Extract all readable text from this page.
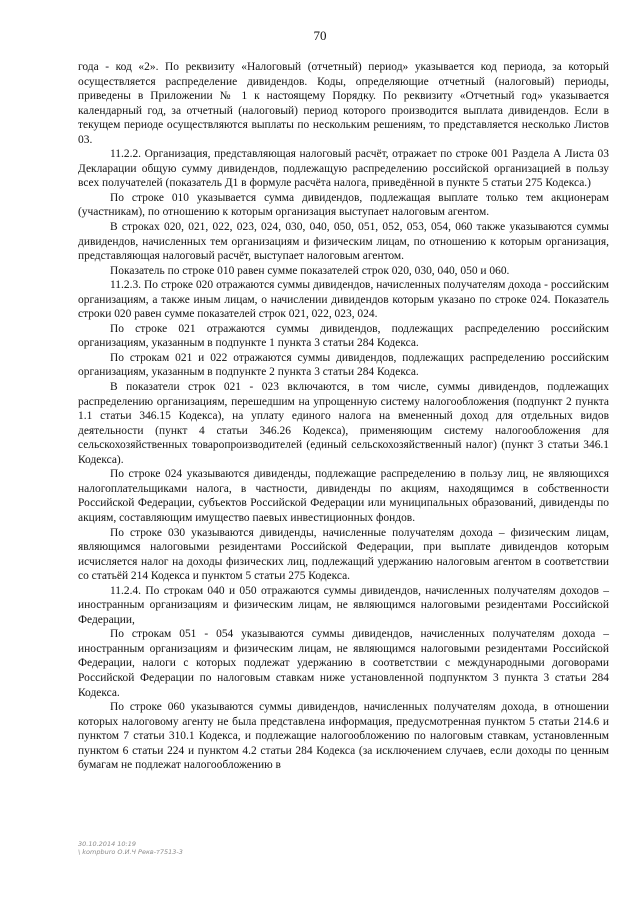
70

года - код «2». По реквизиту «Налоговый (отчетный) период» указывается код периода, за который осуществляется распределение дивидендов. Коды, определяющие отчетный (налоговый) периоды, приведены в Приложении № 1 к настоящему Порядку. По реквизиту «Отчетный год» указывается календарный год, за отчетный (налоговый) период которого производится выплата дивидендов. Если в текущем периоде осуществляются выплаты по нескольким решениям, то представляется несколько Листов 03.

11.2.2. Организация, представляющая налоговый расчёт, отражает по строке 001 Раздела А Листа 03 Декларации общую сумму дивидендов, подлежащую распределению российской организацией в пользу всех получателей (показатель Д1 в формуле расчёта налога, приведённой в пункте 5 статьи 275 Кодекса.)

По строке 010 указывается сумма дивидендов, подлежащая выплате только тем акционерам (участникам), по отношению к которым организация выступает налоговым агентом.

В строках 020, 021, 022, 023, 024, 030, 040, 050, 051, 052, 053, 054, 060 также указываются суммы дивидендов, начисленных тем организациям и физическим лицам, по отношению к которым организация, представляющая налоговый расчёт, выступает налоговым агентом.

Показатель по строке 010 равен сумме показателей строк 020, 030, 040, 050 и 060.

11.2.3. По строке 020 отражаются суммы дивидендов, начисленных получателям дохода - российским организациям, а также иным лицам, о начислении дивидендов которым указано по строке 024. Показатель строки 020 равен сумме показателей строк 021, 022, 023, 024.

По строке 021 отражаются суммы дивидендов, подлежащих распределению российским организациям, указанным в подпункте 1 пункта 3 статьи 284 Кодекса.

По строкам 021 и 022 отражаются суммы дивидендов, подлежащих распределению российским организациям, указанным в подпункте 2 пункта 3 статьи 284 Кодекса.

В показатели строк 021 - 023 включаются, в том числе, суммы дивидендов, подлежащих распределению организациям, перешедшим на упрощенную систему налогообложения (подпункт 2 пункта 1.1 статьи 346.15 Кодекса), на уплату единого налога на вмененный доход для отдельных видов деятельности (пункт 4 статьи 346.26 Кодекса), применяющим систему налогообложения для сельскохозяйственных товаропроизводителей (единый сельскохозяйственный налог) (пункт 3 статьи 346.1 Кодекса).

По строке 024 указываются дивиденды, подлежащие распределению в пользу лиц, не являющихся налогоплательщиками налога, в частности, дивиденды по акциям, находящимся в собственности Российской Федерации, субъектов Российской Федерации или муниципальных образований, дивиденды по акциям, составляющим имущество паевых инвестиционных фондов.

По строке 030 указываются дивиденды, начисленные получателям дохода – физическим лицам, являющимся налоговыми резидентами Российской Федерации, при выплате дивидендов которым исчисляется налог на доходы физических лиц, подлежащий удержанию налоговым агентом в соответствии со статьёй 214 Кодекса и пунктом 5 статьи 275 Кодекса.

11.2.4. По строкам 040 и 050 отражаются суммы дивидендов, начисленных получателям доходов – иностранным организациям и физическим лицам, не являющимся налоговыми резидентами Российской Федерации,

По строкам 051 - 054 указываются суммы дивидендов, начисленных получателям дохода – иностранным организациям и физическим лицам, не являющимся налоговыми резидентами Российской Федерации, налоги с которых подлежат удержанию в соответствии с международными договорами Российской Федерации по налоговым ставкам ниже установленной подпунктом 3 пункта 3 статьи 284 Кодекса.

По строке 060 указываются суммы дивидендов, начисленных получателям дохода, в отношении которых налоговому агенту не была представлена информация, предусмотренная пунктом 5 статьи 214.6 и пунктом 7 статьи 310.1 Кодекса, и подлежащие налогообложению по налоговым ставкам, установленным пунктом 6 статьи 224 и пунктом 4.2 статьи 284 Кодекса (за исключением случаев, если доходы по ценным бумагам не подлежат налогообложению в

30.10.2014 10:19
\ kompburo О.И.Ч Рекв-т7513-3
